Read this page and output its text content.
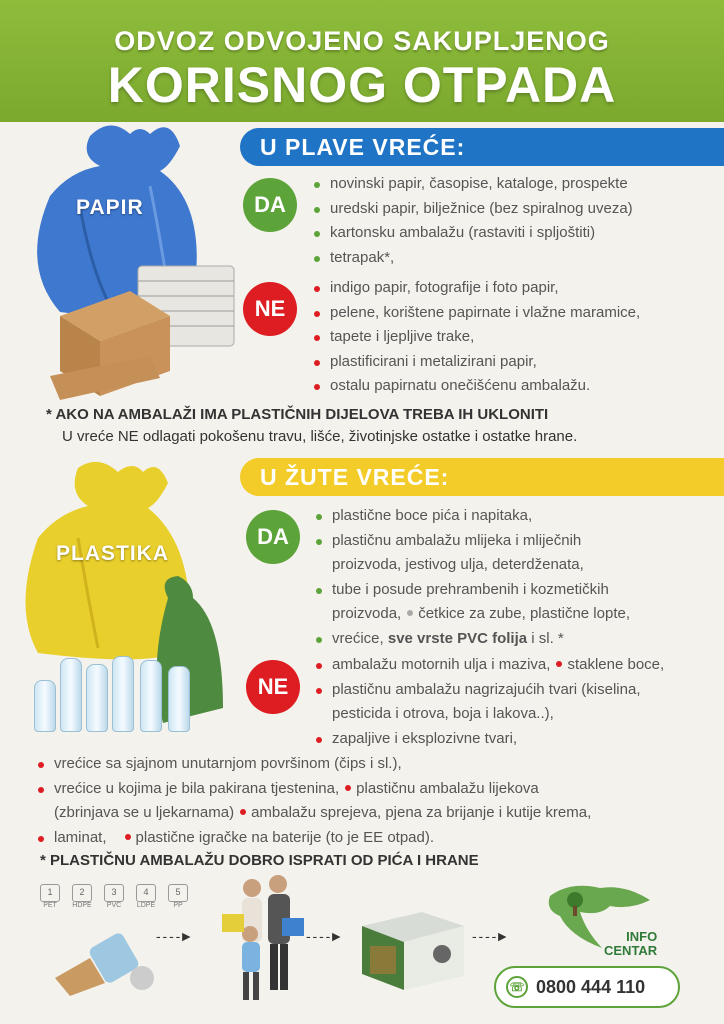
ODVOZ ODVOJENO SAKUPLJENOG
KORISNOG OTPADA
U PLAVE VREĆE:
PAPIR	DA
novinski papir, časopise, kataloge, prospekte
uredski papir, bilježnice (bez spiralnog uveza)
kartonsku ambalažu (rastaviti i spljoštiti)
tetrapak*,
NE
indigo papir, fotografije i foto papir,
pelene, korištene papirnate i vlažne maramice,
tapete i ljepljive trake,
plastificirani i metalizirani papir,
ostalu papirnatu onečišćenu ambalažu.
* AKO NA AMBALAŽI IMA PLASTIČNIH DIJELOVA TREBA IH UKLONITI
U vreće NE odlagati pokošenu travu, lišće, životinjske ostatke i ostatke hrane.
U ŽUTE VREĆE:
PLASTIKA
DA
plastične boce pića i napitaka,
plastičnu ambalažu mlijeka i mliječnih
proizvoda, jestivog ulja, deterdženata,
tube i posude prehrambenih i kozmetičkih
proizvoda, četkice za zube, plastične lopte,
vrećice, sve vrste PVC folija i sl. *
NE
ambalažu motornih ulja i maziva, staklene boce,
plastičnu ambalažu nagrizajućih tvari (kiselina,
pesticida i otrova, boja i lakova..),
zapaljive i eksplozivne tvari,
vrećice sa sjajnom unutarnjom površinom (čips i sl.),
vrećice u kojima je bila pakirana tjestenina, plastičnu ambalažu lijekova
(zbrinjava se u ljekarnama) ambalažu sprejeva, pjena za brijanje i kutije krema,
laminat, plastične igračke na baterije (to je EE otpad).
* PLASTIČNU AMBALAŽU DOBRO ISPRATI OD PIĆA I HRANE
1
PET
2
HDPE
3
PVC
4
LDPE
5
PP
- - - -►	- - - -►	- - - -►	INFO
CENTAR
☏ 0800 444 110
